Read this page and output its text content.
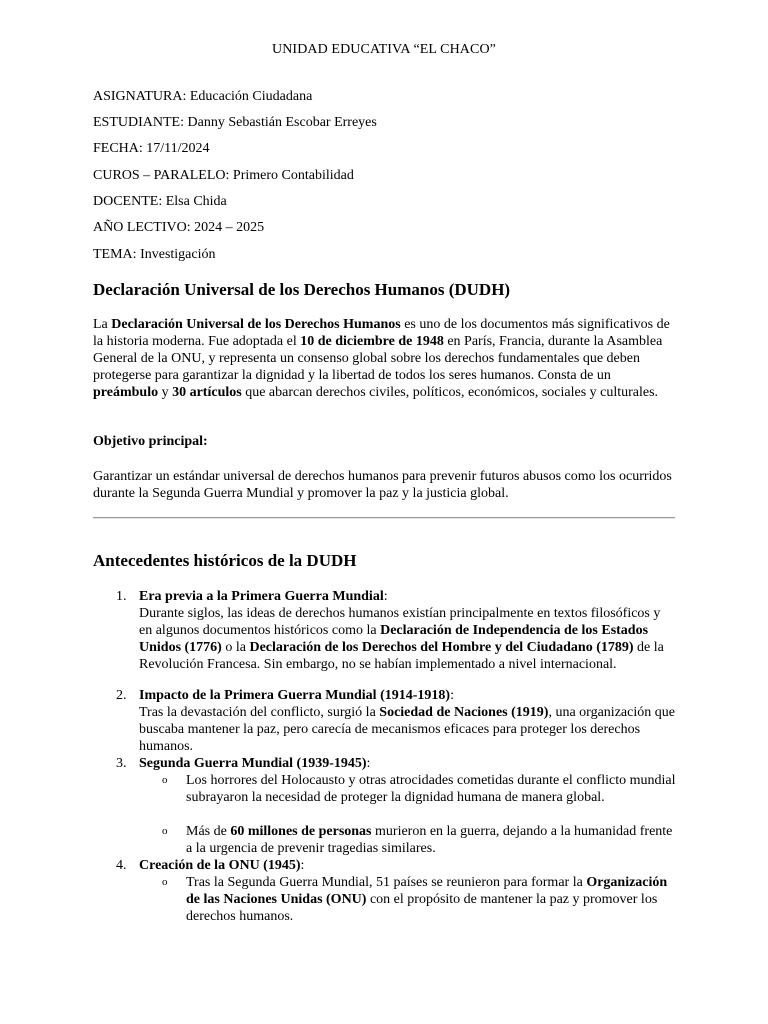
UNIDAD EDUCATIVA “EL CHACO”
ASIGNATURA: Educación Ciudadana
ESTUDIANTE: Danny Sebastián Escobar Erreyes
FECHA: 17/11/2024
CUROS – PARALELO: Primero Contabilidad
DOCENTE: Elsa Chida
AÑO LECTIVO: 2024 – 2025
TEMA: Investigación
Declaración Universal de los Derechos Humanos (DUDH)
La Declaración Universal de los Derechos Humanos es uno de los documentos más significativos de la historia moderna. Fue adoptada el 10 de diciembre de 1948 en París, Francia, durante la Asamblea General de la ONU, y representa un consenso global sobre los derechos fundamentales que deben protegerse para garantizar la dignidad y la libertad de todos los seres humanos. Consta de un preámbulo y 30 artículos que abarcan derechos civiles, políticos, económicos, sociales y culturales.
Objetivo principal:
Garantizar un estándar universal de derechos humanos para prevenir futuros abusos como los ocurridos durante la Segunda Guerra Mundial y promover la paz y la justicia global.
Antecedentes históricos de la DUDH
1. Era previa a la Primera Guerra Mundial:
Durante siglos, las ideas de derechos humanos existían principalmente en textos filosóficos y en algunos documentos históricos como la Declaración de Independencia de los Estados Unidos (1776) o la Declaración de los Derechos del Hombre y del Ciudadano (1789) de la Revolución Francesa. Sin embargo, no se habían implementado a nivel internacional.
2. Impacto de la Primera Guerra Mundial (1914-1918):
Tras la devastación del conflicto, surgió la Sociedad de Naciones (1919), una organización que buscaba mantener la paz, pero carecía de mecanismos eficaces para proteger los derechos humanos.
3. Segunda Guerra Mundial (1939-1945):
o Los horrores del Holocausto y otras atrocidades cometidas durante el conflicto mundial subrayaron la necesidad de proteger la dignidad humana de manera global.
o Más de 60 millones de personas murieron en la guerra, dejando a la humanidad frente a la urgencia de prevenir tragedias similares.
4. Creación de la ONU (1945):
o Tras la Segunda Guerra Mundial, 51 países se reunieron para formar la Organización de las Naciones Unidas (ONU) con el propósito de mantener la paz y promover los derechos humanos.
